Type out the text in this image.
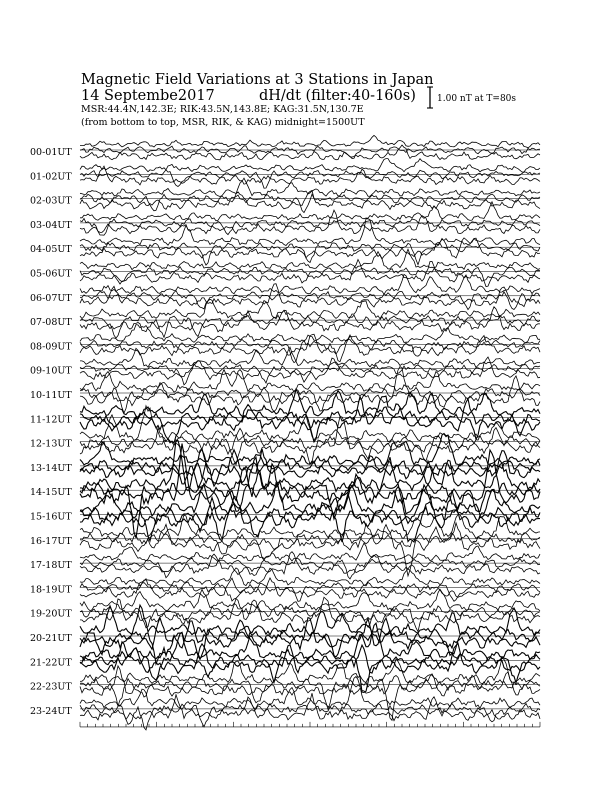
Magnetic Field Variations at 3 Stations in Japan
14 Septembe2017	dH/dt (filter:40-160s)
MSR:44.4N,142.3E; RIK:43.5N,143.8E; KAG:31.5N,130.7E
(from bottom to top, MSR, RIK, & KAG) midnight=1500UT
1.00 nT at T=80s
00-01UT
01-02UT
02-03UT
03-04UT
04-05UT
05-06UT
06-07UT
07-08UT
08-09UT
09-10UT
10-11UT
11-12UT
12-13UT
13-14UT
14-15UT
15-16UT
16-17UT
17-18UT
18-19UT
19-20UT
20-21UT
21-22UT
22-23UT
23-24UT
